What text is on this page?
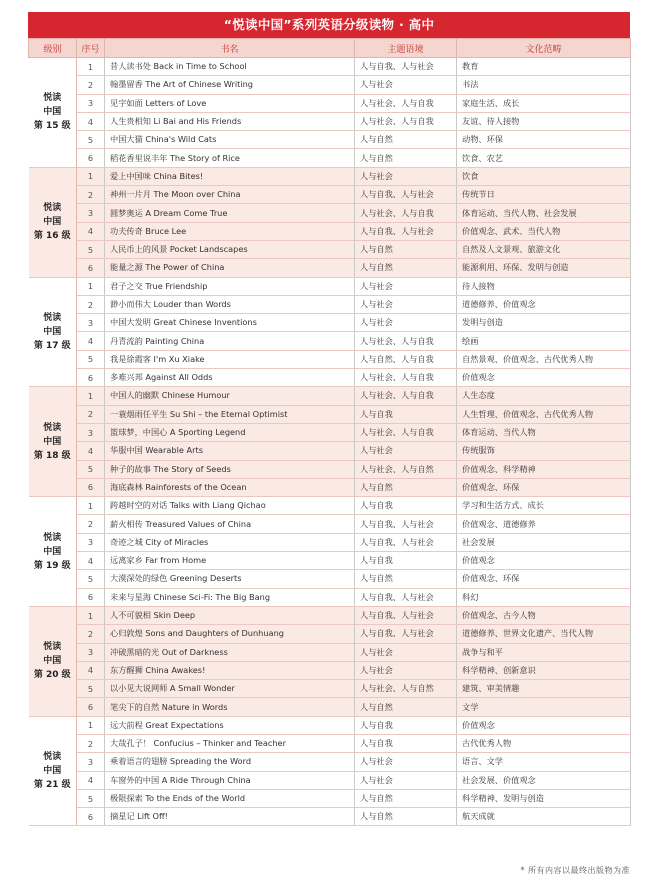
“悦读中国”系列英语分级读物 · 高中
级别	序号	书名	主题语境	文化范畴

悦读
中国
第 15 级	1	昔人读书处 Back in Time to School	人与自我、人与社会	教育
	2	翰墨留香 The Art of Chinese Writing	人与社会	书法
	3	见字如面 Letters of Love	人与社会、人与自我	家庭生活、成长
	4	人生贵相知 Li Bai and His Friends	人与社会、人与自我	友谊、待人接物
	5	中国大猫 China's Wild Cats	人与自然	动物、环保
	6	稻花香里说丰年 The Story of Rice	人与自然	饮食、农艺

悦读
中国
第 16 级	1	爱上中国味 China Bites!	人与社会	饮食
	2	神州一片月 The Moon over China	人与自我、人与社会	传统节日
	3	圆梦奥运 A Dream Come True	人与社会、人与自我	体育运动、当代人物、社会发展
	4	功夫传奇 Bruce Lee	人与自我、人与社会	价值观念、武术、当代人物
	5	人民币上的风景 Pocket Landscapes	人与自然	自然及人文景观、旅游文化
	6	能量之源 The Power of China	人与自然	能源利用、环保、发明与创造

悦读
中国
第 17 级	1	君子之交 True Friendship	人与社会	待人接物
	2	渺小而伟大 Louder than Words	人与社会	道德修养、价值观念
	3	中国大发明 Great Chinese Inventions	人与社会	发明与创造
	4	丹青流韵 Painting China	人与社会、人与自我	绘画
	5	我是徐霞客 I'm Xu Xiake	人与自然、人与自我	自然景观、价值观念、古代优秀人物
	6	多难兴邦 Against All Odds	人与社会、人与自我	价值观念

悦读
中国
第 18 级	1	中国人的幽默 Chinese Humour	人与社会、人与自我	人生态度
	2	一蓑烟雨任平生 Su Shi – the Eternal Optimist	人与自我	人生哲理、价值观念、古代优秀人物
	3	篮球梦，中国心 A Sporting Legend	人与社会、人与自我	体育运动、当代人物
	4	华服中国 Wearable Arts	人与社会	传统服饰
	5	种子的故事 The Story of Seeds	人与社会、人与自然	价值观念、科学精神
	6	海底森林 Rainforests of the Ocean	人与自然	价值观念、环保

悦读
中国
第 19 级	1	跨越时空的对话 Talks with Liang Qichao	人与自我	学习和生活方式、成长
	2	薪火相传 Treasured Values of China	人与自我、人与社会	价值观念、道德修养
	3	奇迹之城 City of Miracles	人与自我、人与社会	社会发展
	4	远离家乡 Far from Home	人与自我	价值观念
	5	大漠深处的绿色 Greening Deserts	人与自然	价值观念、环保
	6	未来与星海 Chinese Sci-Fi: The Big Bang	人与自我、人与社会	科幻

悦读
中国
第 20 级	1	人不可貌相 Skin Deep	人与自我、人与社会	价值观念、古今人物
	2	心归敦煌 Sons and Daughters of Dunhuang	人与自我、人与社会	道德修养、世界文化遗产、当代人物
	3	冲破黑暗的光 Out of Darkness	人与社会	战争与和平
	4	东方醒狮 China Awakes!	人与社会	科学精神、创新意识
	5	以小见大说网师 A Small Wonder	人与社会、人与自然	建筑、审美情趣
	6	笔尖下的自然 Nature in Words	人与自然	文学

悦读
中国
第 21 级	1	远大前程 Great Expectations	人与自我	价值观念
	2	大哉孔子！ Confucius – Thinker and Teacher	人与自我	古代优秀人物
	3	乘着语言的翅膀 Spreading the Word	人与社会	语言、文学
	4	车窗外的中国 A Ride Through China	人与社会	社会发展、价值观念
	5	极限探索 To the Ends of the World	人与自然	科学精神、发明与创造
	6	摘星记 Lift Off!	人与自然	航天成就
* 所有内容以最终出版物为准
